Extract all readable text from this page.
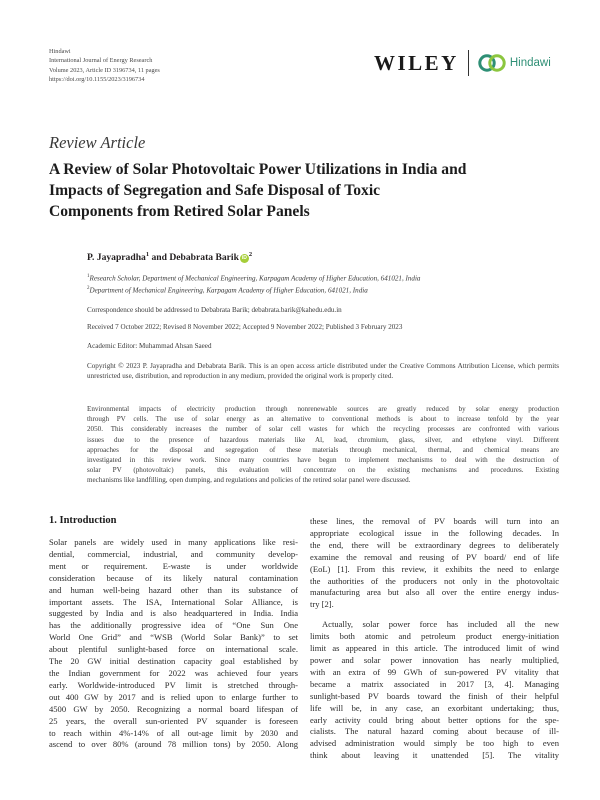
Hindawi
International Journal of Energy Research
Volume 2023, Article ID 3196734, 11 pages
https://doi.org/10.1155/2023/3196734
WILEY	Hindawi
Review Article
A Review of Solar Photovoltaic Power Utilizations in India and
Impacts of Segregation and Safe Disposal of Toxic
Components from Retired Solar Panels
P. Jayapradha$^1$ and Debabrata Barik $iD^2$
$^1$Research Scholar, Department of Mechanical Engineering, Karpagam Academy of Higher Education, 641021, India
$^2$Department of Mechanical Engineering, Karpagam Academy of Higher Education, 641021, India
Correspondence should be addressed to Debabrata Barik; debabrata.barik@kahedu.edu.in
Received 7 October 2022; Revised 8 November 2022; Accepted 9 November 2022; Published 3 February 2023
Academic Editor: Muhammad Ahsan Saeed
Copyright © 2023 P. Jayapradha and Debabrata Barik. This is an open access article distributed under the Creative Commons Attribution License, which permits unrestricted use, distribution, and reproduction in any medium, provided the original work is properly cited.
Environmental impacts of electricity production through nonrenewable sources are greatly reduced by solar energy production
through PV cells. The use of solar energy as an alternative to conventional methods is about to increase tenfold by the year
2050. This considerably increases the number of solar cell wastes for which the recycling processes are confronted with various
issues due to the presence of hazardous materials like Al, lead, chromium, glass, silver, and ethylene vinyl. Different
approaches for the disposal and segregation of these materials through mechanical, thermal, and chemical means are
investigated in this review work. Since many countries have begun to implement mechanisms to deal with the destruction of
solar PV (photovoltaic) panels, this evaluation will concentrate on the existing mechanisms and procedures. Existing
mechanisms like landfilling, open dumping, and regulations and policies of the retired solar panel were discussed.
1. Introduction
Solar panels are widely used in many applications like resi-
dential, commercial, industrial, and community develop-
ment or requirement. E-waste is under worldwide
consideration because of its likely natural contamination
and human well-being hazard other than its substance of
important assets. The ISA, International Solar Alliance, is
suggested by India and is also headquartered in India. India
has the additionally progressive idea of “One Sun One
World One Grid” and “WSB (World Solar Bank)” to set
about plentiful sunlight-based force on international scale.
The 20 GW initial destination capacity goal established by
the Indian government for 2022 was achieved four years
early. Worldwide-introduced PV limit is stretched through-
out 400 GW by 2017 and is relied upon to enlarge further to
4500 GW by 2050. Recognizing a normal board lifespan of
25 years, the overall sun-oriented PV squander is foreseen
to reach within 4%-14% of all out-age limit by 2030 and
ascend to over 80% (around 78 million tons) by 2050. Along
these lines, the removal of PV boards will turn into an
appropriate ecological issue in the following decades. In
the end, there will be extraordinary degrees to deliberately
examine the removal and reusing of PV board/ end of life
(EoL) [1]. From this review, it exhibits the need to enlarge
the authorities of the producers not only in the photovoltaic
manufacturing area but also all over the entire energy indus-
try [2].
Actually, solar power force has included all the new
limits both atomic and petroleum product energy-initiation
limit as appeared in this article. The introduced limit of wind
power and solar power innovation has nearly multiplied,
with an extra of 99 GWh of sun-powered PV vitality that
became a matrix associated in 2017 [3, 4]. Managing
sunlight-based PV boards toward the finish of their helpful
life will be, in any case, an exorbitant undertaking; thus,
early activity could bring about better options for the spe-
cialists. The natural hazard coming about because of ill-
advised administration would simply be too high to even
think about leaving it unattended [5]. The vitality
